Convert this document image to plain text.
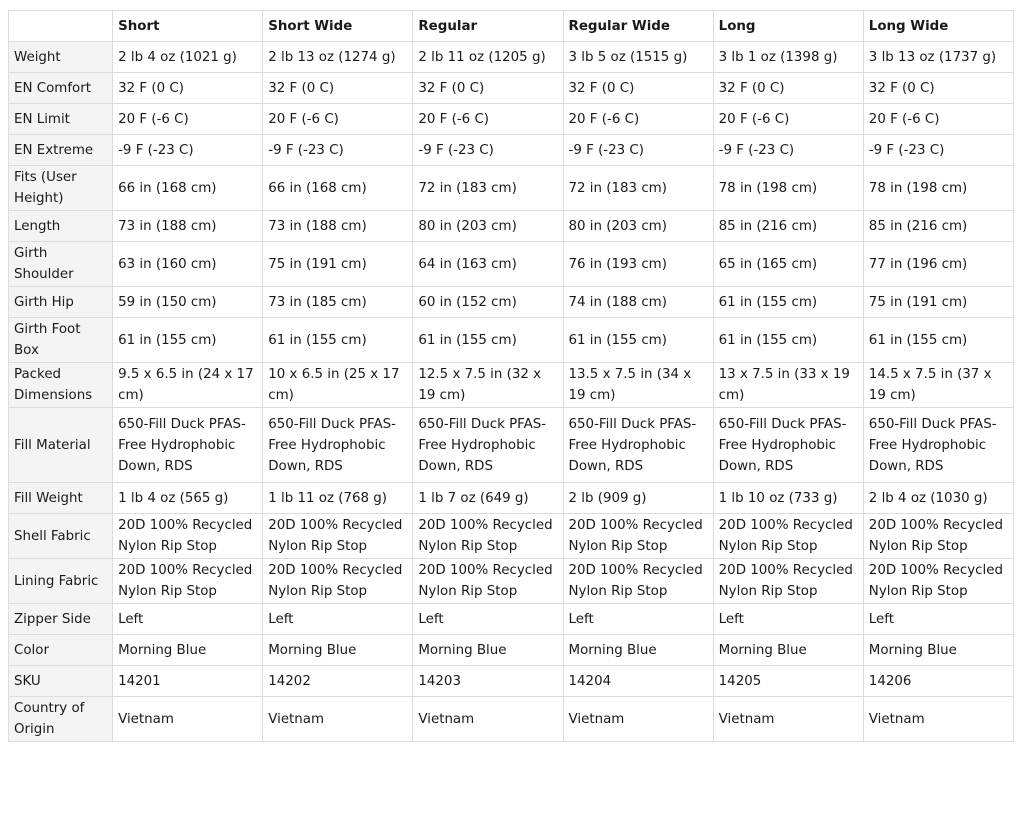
	Short	Short Wide	Regular	Regular Wide	Long	Long Wide
Weight	2 lb 4 oz (1021 g)	2 lb 13 oz (1274 g)	2 lb 11 oz (1205 g)	3 lb 5 oz (1515 g)	3 lb 1 oz (1398 g)	3 lb 13 oz (1737 g)
EN Comfort	32 F (0 C)	32 F (0 C)	32 F (0 C)	32 F (0 C)	32 F (0 C)	32 F (0 C)
EN Limit	20 F (-6 C)	20 F (-6 C)	20 F (-6 C)	20 F (-6 C)	20 F (-6 C)	20 F (-6 C)
EN Extreme	-9 F (-23 C)	-9 F (-23 C)	-9 F (-23 C)	-9 F (-23 C)	-9 F (-23 C)	-9 F (-23 C)
Fits (User Height)	66 in (168 cm)	66 in (168 cm)	72 in (183 cm)	72 in (183 cm)	78 in (198 cm)	78 in (198 cm)
Length	73 in (188 cm)	73 in (188 cm)	80 in (203 cm)	80 in (203 cm)	85 in (216 cm)	85 in (216 cm)
Girth Shoulder	63 in (160 cm)	75 in (191 cm)	64 in (163 cm)	76 in (193 cm)	65 in (165 cm)	77 in (196 cm)
Girth Hip	59 in (150 cm)	73 in (185 cm)	60 in (152 cm)	74 in (188 cm)	61 in (155 cm)	75 in (191 cm)
Girth Foot Box	61 in (155 cm)	61 in (155 cm)	61 in (155 cm)	61 in (155 cm)	61 in (155 cm)	61 in (155 cm)
Packed Dimensions	9.5 x 6.5 in (24 x 17 cm)	10 x 6.5 in (25 x 17 cm)	12.5 x 7.5 in (32 x 19 cm)	13.5 x 7.5 in (34 x 19 cm)	13 x 7.5 in (33 x 19 cm)	14.5 x 7.5 in (37 x 19 cm)
Fill Material	650-Fill Duck PFAS-Free Hydrophobic Down, RDS	650-Fill Duck PFAS-Free Hydrophobic Down, RDS	650-Fill Duck PFAS-Free Hydrophobic Down, RDS	650-Fill Duck PFAS-Free Hydrophobic Down, RDS	650-Fill Duck PFAS-Free Hydrophobic Down, RDS	650-Fill Duck PFAS-Free Hydrophobic Down, RDS
Fill Weight	1 lb 4 oz (565 g)	1 lb 11 oz (768 g)	1 lb 7 oz (649 g)	2 lb (909 g)	1 lb 10 oz (733 g)	2 lb 4 oz (1030 g)
Shell Fabric	20D 100% Recycled Nylon Rip Stop	20D 100% Recycled Nylon Rip Stop	20D 100% Recycled Nylon Rip Stop	20D 100% Recycled Nylon Rip Stop	20D 100% Recycled Nylon Rip Stop	20D 100% Recycled Nylon Rip Stop
Lining Fabric	20D 100% Recycled Nylon Rip Stop	20D 100% Recycled Nylon Rip Stop	20D 100% Recycled Nylon Rip Stop	20D 100% Recycled Nylon Rip Stop	20D 100% Recycled Nylon Rip Stop	20D 100% Recycled Nylon Rip Stop
Zipper Side	Left	Left	Left	Left	Left	Left
Color	Morning Blue	Morning Blue	Morning Blue	Morning Blue	Morning Blue	Morning Blue
SKU	14201	14202	14203	14204	14205	14206
Country of Origin	Vietnam	Vietnam	Vietnam	Vietnam	Vietnam	Vietnam
